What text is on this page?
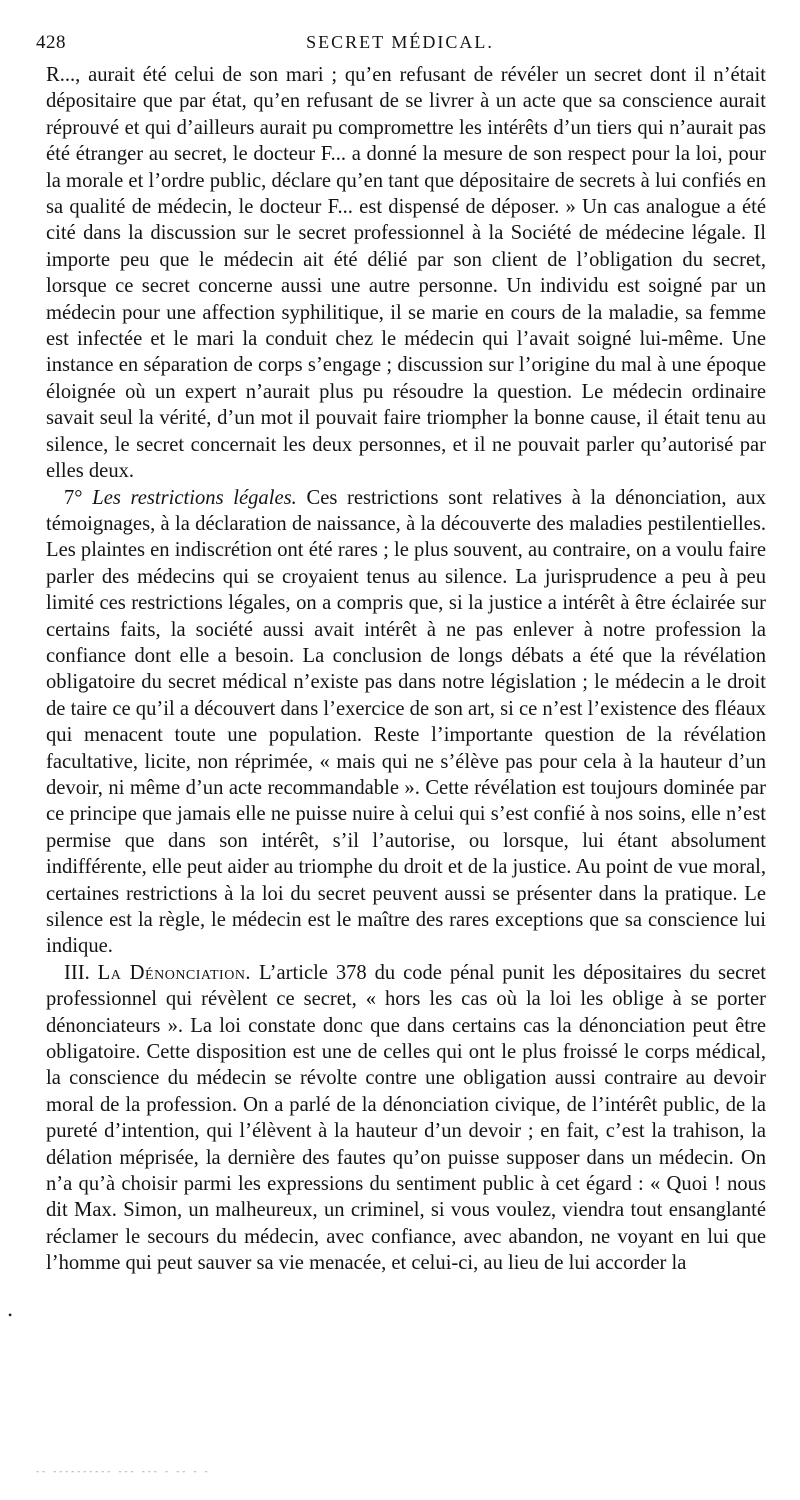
428	SECRET MÉDICAL.

R..., aurait été celui de son mari ; qu’en refusant de révéler un secret dont il n’était dépositaire que par état, qu’en refusant de se livrer à un acte que sa conscience aurait réprouvé et qui d’ailleurs aurait pu compromettre les intérêts d’un tiers qui n’aurait pas été étranger au secret, le docteur F... a donné la mesure de son respect pour la loi, pour la morale et l’ordre public, déclare qu’en tant que dépositaire de secrets à lui confiés en sa qualité de médecin, le docteur F... est dispensé de déposer. » Un cas analogue a été cité dans la discussion sur le secret professionnel à la Société de médecine légale. Il importe peu que le médecin ait été délié par son client de l’obligation du secret, lorsque ce secret concerne aussi une autre personne. Un individu est soigné par un médecin pour une affection syphilitique, il se marie en cours de la maladie, sa femme est infectée et le mari la conduit chez le médecin qui l’avait soigné lui-même. Une instance en séparation de corps s’engage ; discussion sur l’origine du mal à une époque éloignée où un expert n’aurait plus pu résoudre la question. Le médecin ordinaire savait seul la vérité, d’un mot il pouvait faire triompher la bonne cause, il était tenu au silence, le secret concernait les deux personnes, et il ne pouvait parler qu’autorisé par elles deux.

7° Les restrictions légales. Ces restrictions sont relatives à la dénonciation, aux témoignages, à la déclaration de naissance, à la découverte des maladies pestilentielles. Les plaintes en indiscrétion ont été rares ; le plus souvent, au contraire, on a voulu faire parler des médecins qui se croyaient tenus au silence. La jurisprudence a peu à peu limité ces restrictions légales, on a compris que, si la justice a intérêt à être éclairée sur certains faits, la société aussi avait intérêt à ne pas enlever à notre profession la confiance dont elle a besoin. La conclusion de longs débats a été que la révélation obligatoire du secret médical n’existe pas dans notre législation ; le médecin a le droit de taire ce qu’il a découvert dans l’exercice de son art, si ce n’est l’existence des fléaux qui menacent toute une population. Reste l’importante question de la révélation facultative, licite, non réprimée, « mais qui ne s’élève pas pour cela à la hauteur d’un devoir, ni même d’un acte recommandable ». Cette révélation est toujours dominée par ce principe que jamais elle ne puisse nuire à celui qui s’est confié à nos soins, elle n’est permise que dans son intérêt, s’il l’autorise, ou lorsque, lui étant absolument indifférente, elle peut aider au triomphe du droit et de la justice. Au point de vue moral, certaines restrictions à la loi du secret peuvent aussi se présenter dans la pratique. Le silence est la règle, le médecin est le maître des rares exceptions que sa conscience lui indique.

III. La Dénonciation. L’article 378 du code pénal punit les dépositaires du secret professionnel qui révèlent ce secret, « hors les cas où la loi les oblige à se porter dénonciateurs ». La loi constate donc que dans certains cas la dénonciation peut être obligatoire. Cette disposition est une de celles qui ont le plus froissé le corps médical, la conscience du médecin se révolte contre une obligation aussi contraire au devoir moral de la profession. On a parlé de la dénonciation civique, de l’intérêt public, de la pureté d’intention, qui l’élèvent à la hauteur d’un devoir ; en fait, c’est la trahison, la délation méprisée, la dernière des fautes qu’on puisse supposer dans un médecin. On n’a qu’à choisir parmi les expressions du sentiment public à cet égard : « Quoi ! nous dit Max. Simon, un malheureux, un criminel, si vous voulez, viendra tout ensanglanté réclamer le secours du médecin, avec confiance, avec abandon, ne voyant en lui que l’homme qui peut sauver sa vie menacée, et celui-ci, au lieu de lui accorder la

•
-- ---------- --- --- - -- - -
